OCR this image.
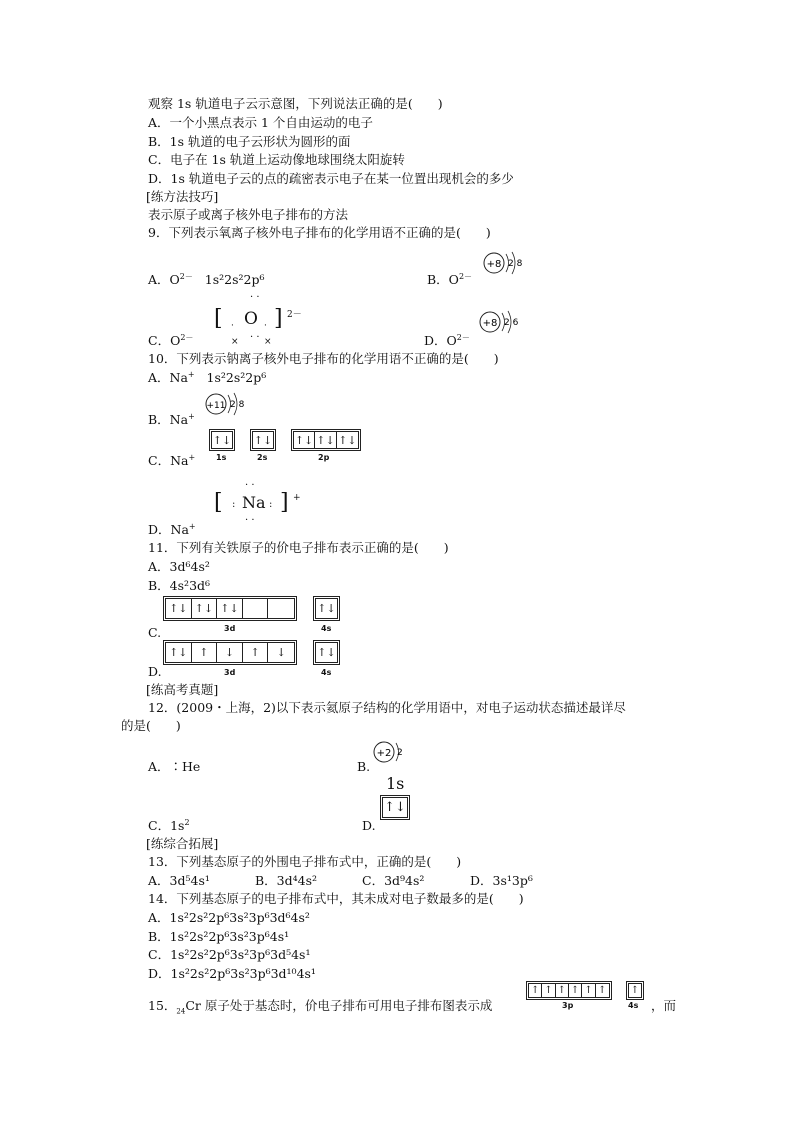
观察 1s 轨道电子云示意图，下列说法正确的是(　　)
A．一个小黑点表示 1 个自由运动的电子
B．1s 轨道的电子云形状为圆形的面
C．电子在 1s 轨道上运动像地球围绕太阳旋转
D．1s 轨道电子云的点的疏密表示电子在某一位置出现机会的多少
[练方法技巧]
表示原子或离子核外电子排布的方法
9．下列表示氧离子核外电子排布的化学用语不正确的是(　　)
A．$O^{2-}$ 1s²2s²2p⁶	B．$O^{2-}$
+8 2 8
· ·
[ ·
×
O ·
×
] 2－
· ·
C．$O^{2-}$	D．$O^{2-}$
+8 2 6
10．下列表示钠离子核外电子排布的化学用语不正确的是(　　)
A．Na+ 1s²2s²2p⁶
+11 2 8
B．Na+
↑↓ ↑↓ ↑↓ ↑↓ ↑↓
1s	2s	2p
C．Na+
· ·
[ : Na : ] +
· ·
D．Na+
11．下列有关铁原子的价电子排布表示正确的是(　　)
A．3d⁶4s²
B．4s²3d⁶
↑↓ ↑↓ ↑↓	↑↓
3d	4s
C.
↑↓	↑	↓	↑	↓	↑↓
D.	3d	4s
[练高考真题]
12．(2009・上海，2)以下表示氦原子结构的化学用语中，对电子运动状态描述最详尽
的是(　　)
+2 2
A．∶He	B.
1s
↑↓
C．$1s^2$	D.
[练综合拓展]
13．下列基态原子的外围电子排布式中，正确的是(　　)
A．3d⁵4s¹	B．3d⁴4s²	C．3d⁹4s²	D．3s¹3p⁶
14．下列基态原子的电子排布式中，其未成对电子数最多的是(　　)
A．1s²2s²2p⁶3s²3p⁶3d⁶4s²
B．1s²2s²2p⁶3s²3p⁶4s¹
C．1s²2s²2p⁶3s²3p⁶3d⁵4s¹
D．1s²2s²2p⁶3s²3p⁶3d¹⁰4s¹
↑ ↑ ↑ ↑ ↑ ↑ ↑
15．$_{24}$Cr 原子处于基态时，价电子排布可用电子排布图表示成	3p	4s ，而
